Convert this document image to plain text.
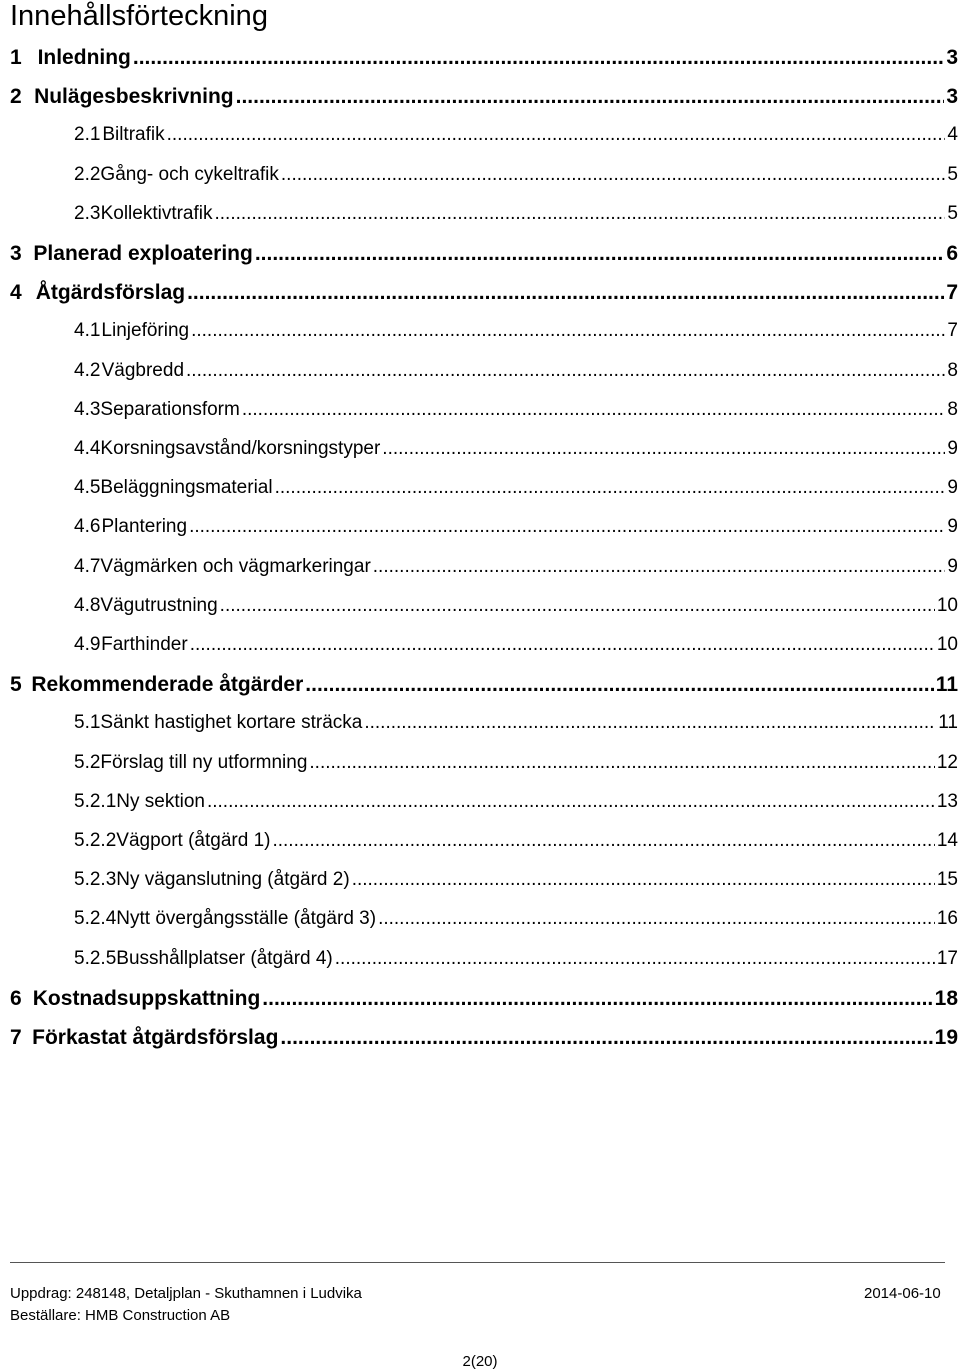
Innehållsförteckning
1 Inledning .....	3
2 Nulägesbeskrivning .....	3
2.1 Biltrafik .....	4
2.2 Gång- och cykeltrafik .....	5
2.3 Kollektivtrafik .....	5
3 Planerad exploatering .....	6
4 Åtgärdsförslag .....	7
4.1 Linjeföring .....	7
4.2 Vägbredd .....	8
4.3 Separationsform .....	8
4.4 Korsningsavstånd/korsningstyper .....	9
4.5 Beläggningsmaterial .....	9
4.6 Plantering .....	9
4.7 Vägmärken och vägmarkeringar .....	9
4.8 Vägutrustning .....	10
4.9 Farthinder .....	10
5 Rekommenderade åtgärder .....	11
5.1 Sänkt hastighet kortare sträcka .....	11
5.2 Förslag till ny utformning .....	12
5.2.1 Ny sektion .....	13
5.2.2 Vägport (åtgärd 1) .....	14
5.2.3 Ny väganslutning (åtgärd 2) .....	15
5.2.4 Nytt övergångsställe (åtgärd 3) .....	16
5.2.5 Busshållplatser (åtgärd 4) .....	17
6 Kostnadsuppskattning .....	18
7 Förkastat åtgärdsförslag .....	19
Uppdrag: 248148, Detaljplan - Skuthamnen i Ludvika	2014-06-10
Beställare: HMB Construction AB
2(20)
